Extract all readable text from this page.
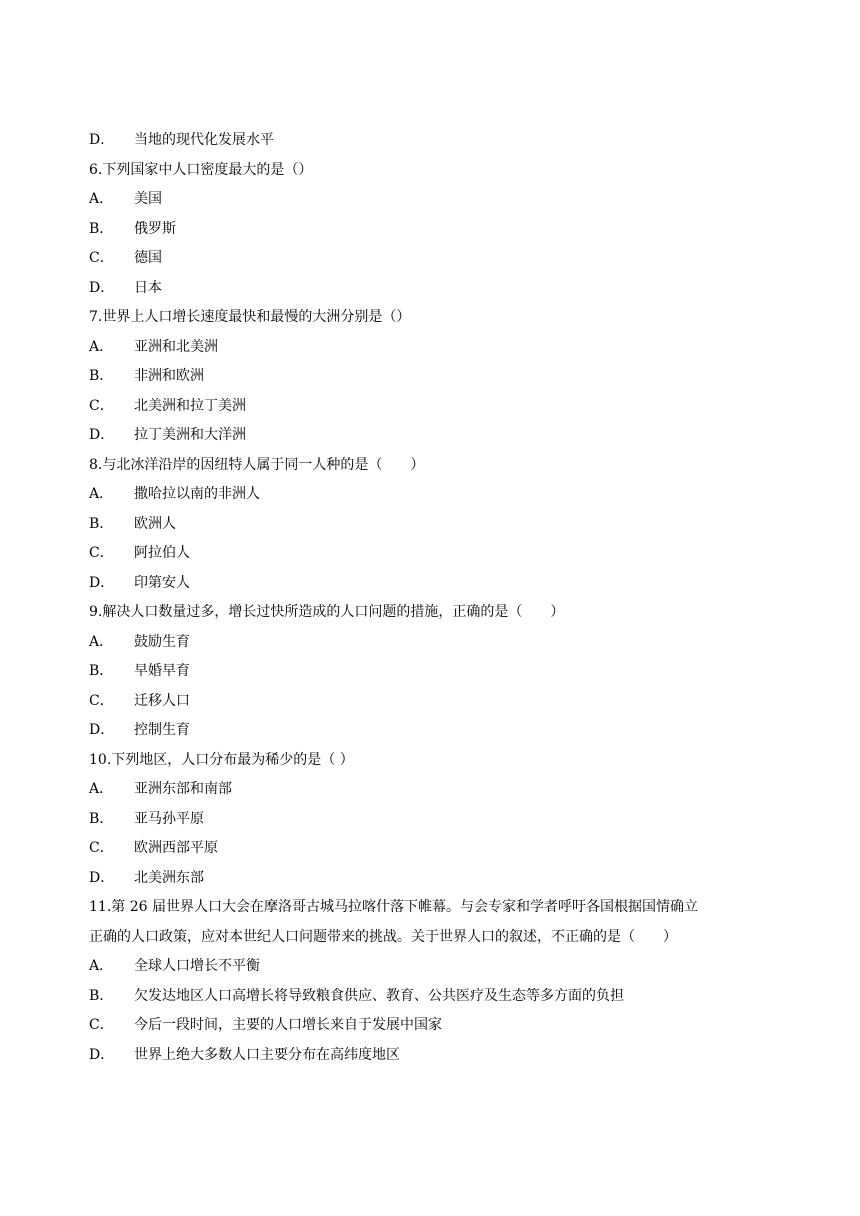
D． 当地的现代化发展水平
6.下列国家中人口密度最大的是（）
A． 美国
B． 俄罗斯
C． 德国
D． 日本
7.世界上人口增长速度最快和最慢的大洲分别是（）
A． 亚洲和北美洲
B． 非洲和欧洲
C． 北美洲和拉丁美洲
D． 拉丁美洲和大洋洲
8.与北冰洋沿岸的因纽特人属于同一人种的是（　　）
A． 撒哈拉以南的非洲人
B． 欧洲人
C． 阿拉伯人
D． 印第安人
9.解决人口数量过多，增长过快所造成的人口问题的措施，正确的是（　　）
A． 鼓励生育
B． 早婚早育
C． 迁移人口
D． 控制生育
10.下列地区，人口分布最为稀少的是（ ）
A． 亚洲东部和南部
B． 亚马孙平原
C． 欧洲西部平原
D． 北美洲东部
11.第 26 届世界人口大会在摩洛哥古城马拉喀什落下帷幕。与会专家和学者呼吁各国根据国情确立
正确的人口政策，应对本世纪人口问题带来的挑战。关于世界人口的叙述，不正确的是（　　）
A． 全球人口增长不平衡
B． 欠发达地区人口高增长将导致粮食供应、教育、公共医疗及生态等多方面的负担
C． 今后一段时间，主要的人口增长来自于发展中国家
D． 世界上绝大多数人口主要分布在高纬度地区
